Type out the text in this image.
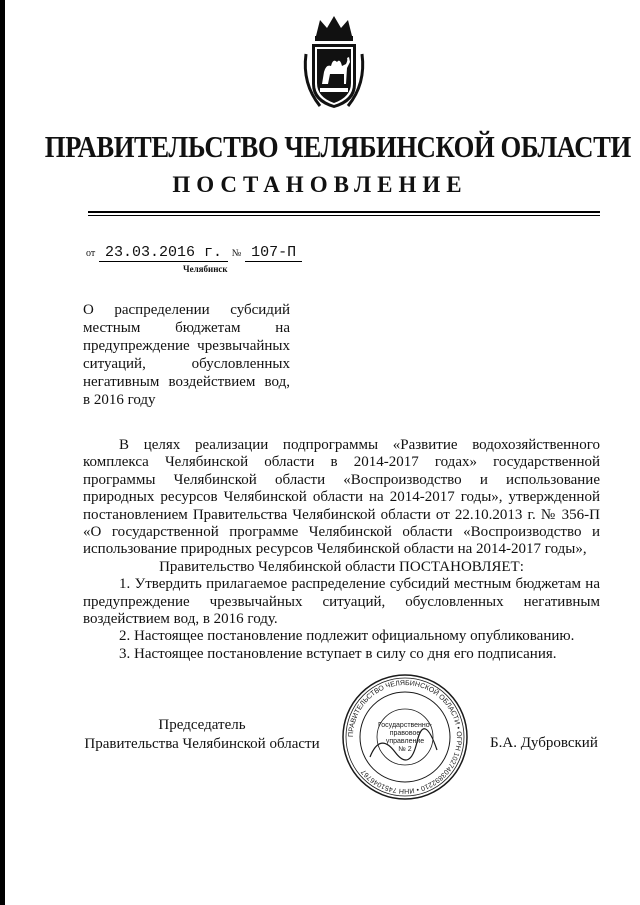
ПРАВИТЕЛЬСТВО ЧЕЛЯБИНСКОЙ ОБЛАСТИ
ПОСТАНОВЛЕНИЕ
от 23.03.2016 г. № 107-П
Челябинск
О распределении субсидий местным бюджетам на предупреждение чрезвычайных ситуаций, обусловленных негативным воздействием вод, в 2016 году

В целях реализации подпрограммы «Развитие водохозяйственного комплекса Челябинской области в 2014-2017 годах» государственной программы Челябинской области «Воспроизводство и использование природных ресурсов Челябинской области на 2014-2017 годы», утвержденной постановлением Правительства Челябинской области от 22.10.2013 г. № 356-П «О государственной программе Челябинской области «Воспроизводство и использование природных ресурсов Челябинской области на 2014-2017 годы»,

Правительство Челябинской области ПОСТАНОВЛЯЕТ:

1. Утвердить прилагаемое распределение субсидий местным бюджетам на предупреждение чрезвычайных ситуаций, обусловленных негативным воздействием вод, в 2016 году.

2. Настоящее постановление подлежит официальному опубликованию.

3. Настоящее постановление вступает в силу со дня его подписания.

Председатель
Правительства Челябинской области
ПРАВИТЕЛЬСТВО ЧЕЛЯБИНСКОЙ ОБЛАСТИ • ОГРН 1027403892210 • ИНН 7451046767
Государственно-
правовое
управление
№ 2	Б.А. Дубровский
